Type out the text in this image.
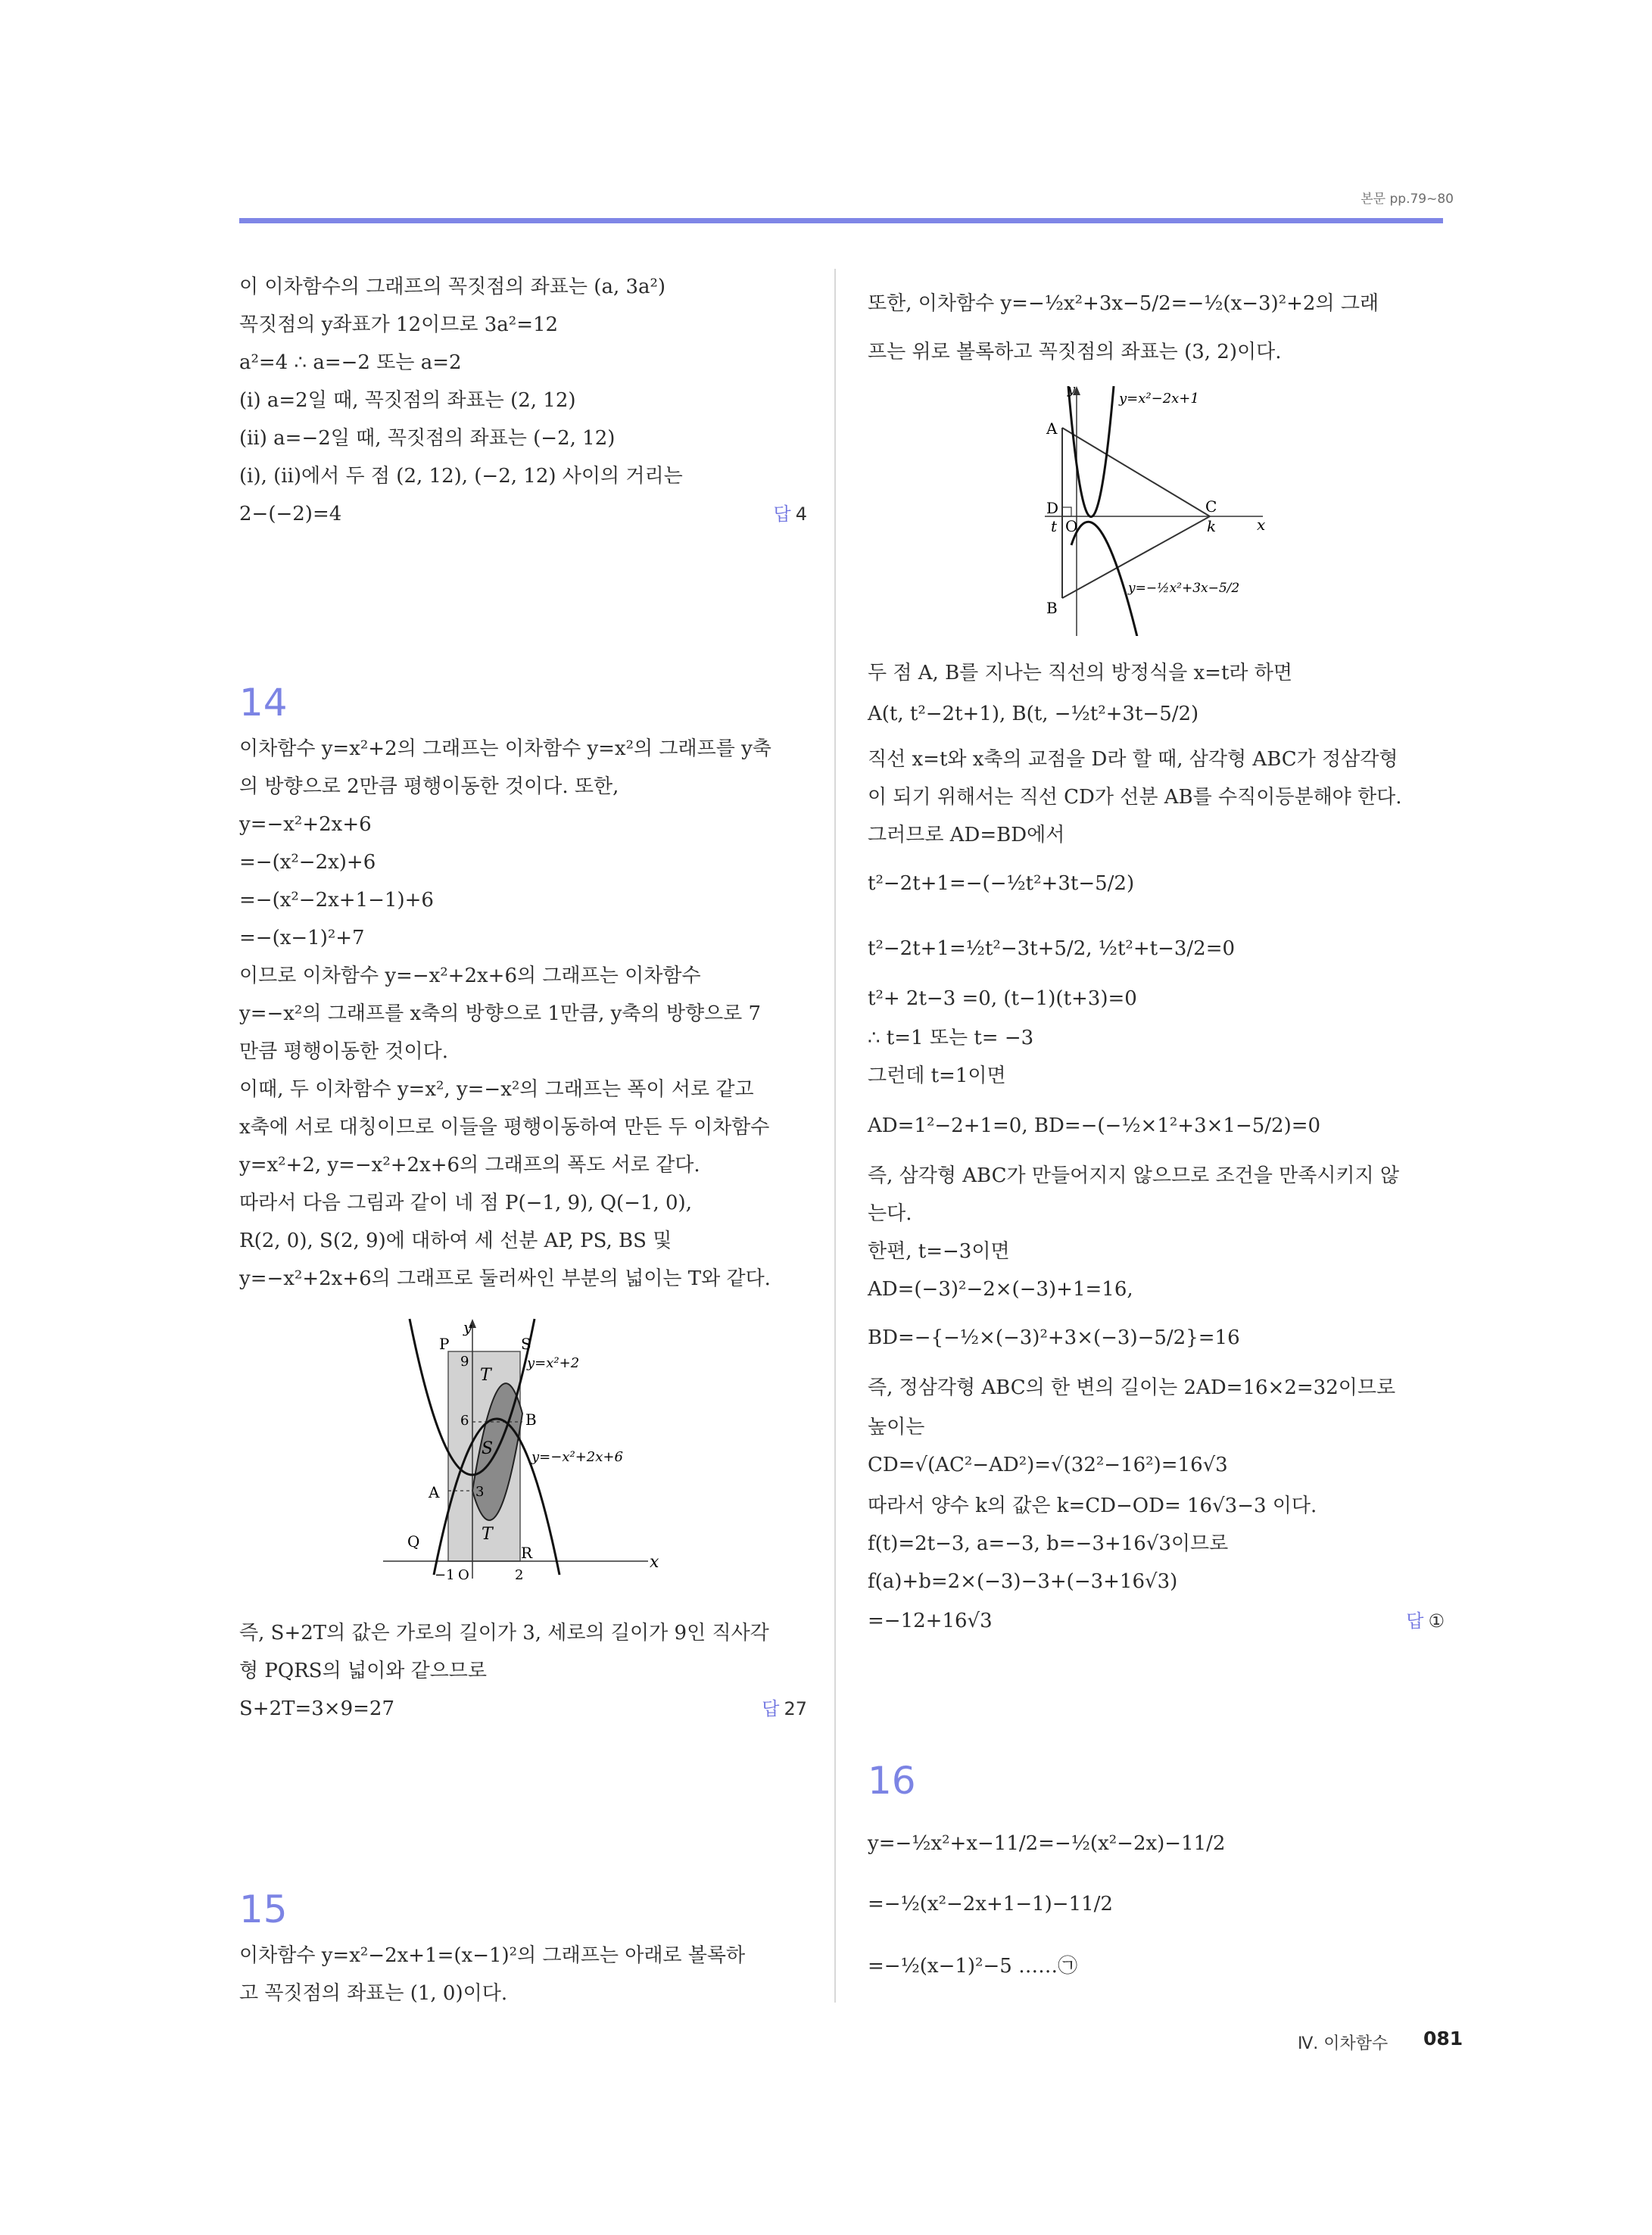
본문 pp.79~80
이 이차함수의 그래프의 꼭짓점의 좌표는 (a, 3a²)
꼭짓점의 y좌표가 12이므로 3a²=12
a²=4 ∴ a=−2 또는 a=2
(ⅰ) a=2일 때, 꼭짓점의 좌표는 (2, 12)
(ⅱ) a=−2일 때, 꼭짓점의 좌표는 (−2, 12)
(ⅰ), (ⅱ)에서 두 점 (2, 12), (−2, 12) 사이의 거리는
2−(−2)=4	답 4
14
이차함수 y=x²+2의 그래프는 이차함수 y=x²의 그래프를 y축
의 방향으로 2만큼 평행이동한 것이다. 또한,
y=−x²+2x+6
=−(x²−2x)+6
=−(x²−2x+1−1)+6
=−(x−1)²+7
이므로 이차함수 y=−x²+2x+6의 그래프는 이차함수
y=−x²의 그래프를 x축의 방향으로 1만큼, y축의 방향으로 7
만큼 평행이동한 것이다.
이때, 두 이차함수 y=x², y=−x²의 그래프는 폭이 서로 같고
x축에 서로 대칭이므로 이들을 평행이동하여 만든 두 이차함수
y=x²+2, y=−x²+2x+6의 그래프의 폭도 서로 같다.
따라서 다음 그림과 같이 네 점 P(−1, 9), Q(−1, 0),
R(2, 0), S(2, 9)에 대하여 세 선분 AP, PS, BS 및
y=−x²+2x+6의 그래프로 둘러싸인 부분의 넓이는 T와 같다.
y
x
P	S
Q
R
A
B
T
T
S
9
6
3
−1 O	2
y=x²+2
y=−x²+2x+6
즉, S+2T의 값은 가로의 길이가 3, 세로의 길이가 9인 직사각
형 PQRS의 넓이와 같으므로
S+2T=3×9=27	답 27
15
이차함수 y=x²−2x+1=(x−1)²의 그래프는 아래로 볼록하
고 꼭짓점의 좌표는 (1, 0)이다.
또한, 이차함수 y=−½x²+3x−5/2=−½(x−3)²+2의 그래
프는 위로 볼록하고 꼭짓점의 좌표는 (3, 2)이다.
y
x
A
B
C
D
t O	k
y=x²−2x+1
y=−½x²+3x−5/2
두 점 A, B를 지나는 직선의 방정식을 x=t라 하면
A(t, t²−2t+1), B(t, −½t²+3t−5/2)
직선 x=t와 x축의 교점을 D라 할 때, 삼각형 ABC가 정삼각형
이 되기 위해서는 직선 CD가 선분 AB를 수직이등분해야 한다.
그러므로 AD=BD에서
t²−2t+1=−(−½t²+3t−5/2)
t²−2t+1=½t²−3t+5/2, ½t²+t−3/2=0
t²+ 2t−3 =0, (t−1)(t+3)=0
∴ t=1 또는 t= −3
그런데 t=1이면
AD=1²−2+1=0, BD=−(−½×1²+3×1−5/2)=0
즉, 삼각형 ABC가 만들어지지 않으므로 조건을 만족시키지 않
는다.
한편, t=−3이면
AD=(−3)²−2×(−3)+1=16,
BD=−{−½×(−3)²+3×(−3)−5/2}=16
즉, 정삼각형 ABC의 한 변의 길이는 2AD=16×2=32이므로
높이는
CD=√(AC²−AD²)=√(32²−16²)=16√3
따라서 양수 k의 값은 k=CD−OD= 16√3−3 이다.
f(t)=2t−3, a=−3, b=−3+16√3이므로
f(a)+b=2×(−3)−3+(−3+16√3)
=−12+16√3	답 ①
16
y=−½x²+x−11/2=−½(x²−2x)−11/2
=−½(x²−2x+1−1)−11/2
=−½(x−1)²−5 ……㉠
Ⅳ. 이차함수 081
